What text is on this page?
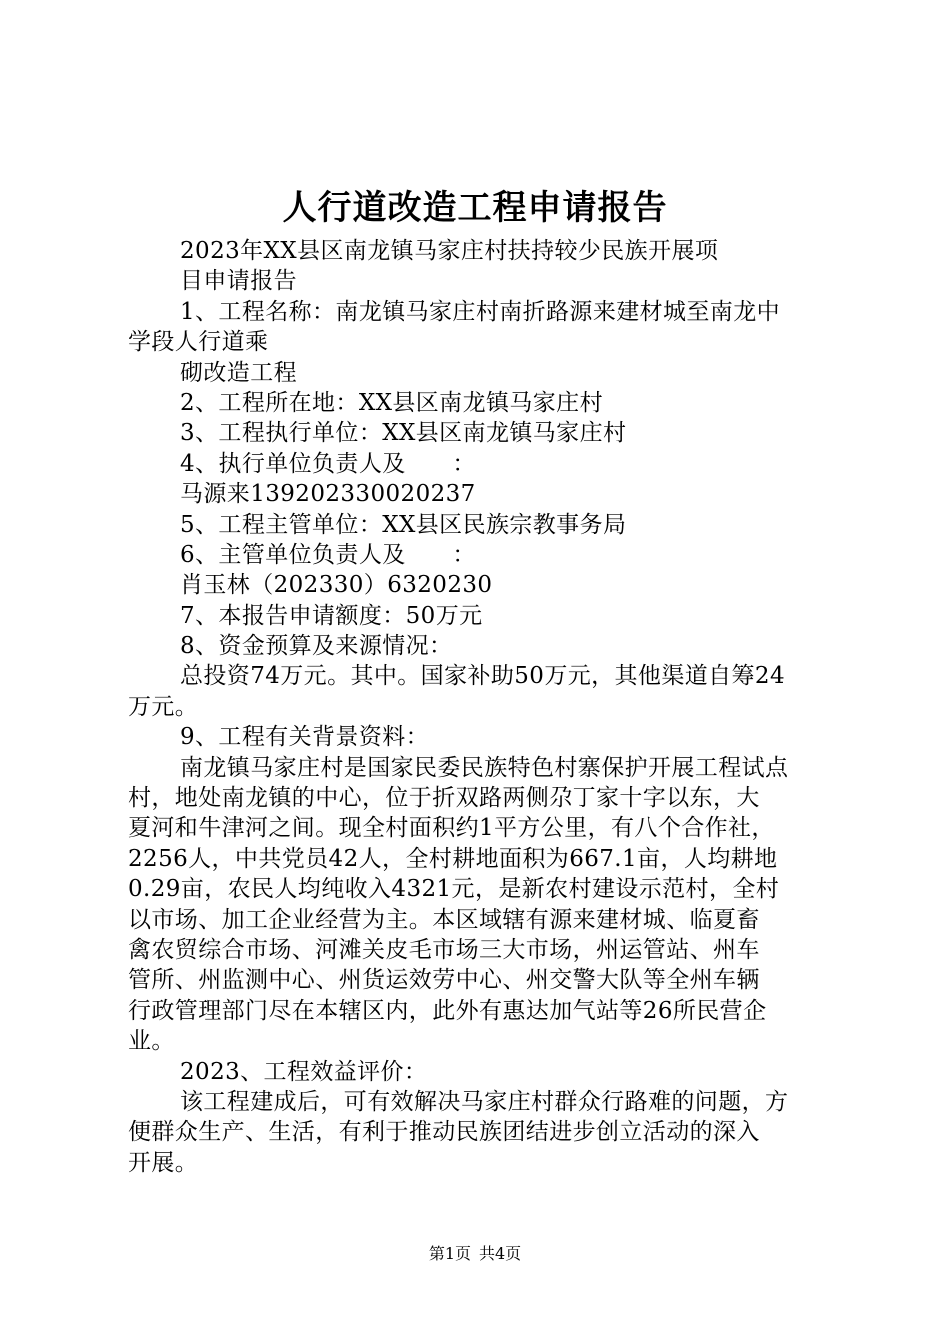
人行道改造工程申请报告
2023年XX县区南龙镇马家庄村扶持较少民族开展项
目申请报告
1、工程名称：南龙镇马家庄村南折路源来建材城至南龙中
学段人行道乘
砌改造工程
2、工程所在地：XX县区南龙镇马家庄村
3、工程执行单位：XX县区南龙镇马家庄村
4、执行单位负责人及　　：
马源来139202330020237
5、工程主管单位：XX县区民族宗教事务局
6、主管单位负责人及　　：
肖玉林（202330）6320230
7、本报告申请额度：50万元
8、资金预算及来源情况：
总投资74万元。其中。国家补助50万元，其他渠道自筹24
万元。
9、工程有关背景资料：
南龙镇马家庄村是国家民委民族特色村寨保护开展工程试点
村，地处南龙镇的中心，位于折双路两侧尕丁家十字以东，大
夏河和牛津河之间。现全村面积约1平方公里，有八个合作社，
2256人，中共党员42人，全村耕地面积为667.1亩，人均耕地
0.29亩，农民人均纯收入4321元，是新农村建设示范村，全村
以市场、加工企业经营为主。本区域辖有源来建材城、临夏畜
禽农贸综合市场、河滩关皮毛市场三大市场，州运管站、州车
管所、州监测中心、州货运效劳中心、州交警大队等全州车辆
行政管理部门尽在本辖区内，此外有惠达加气站等26所民营企
业。
2023、工程效益评价：
该工程建成后，可有效解决马家庄村群众行路难的问题，方
便群众生产、生活，有利于推动民族团结进步创立活动的深入
开展。
第1页 共4页
